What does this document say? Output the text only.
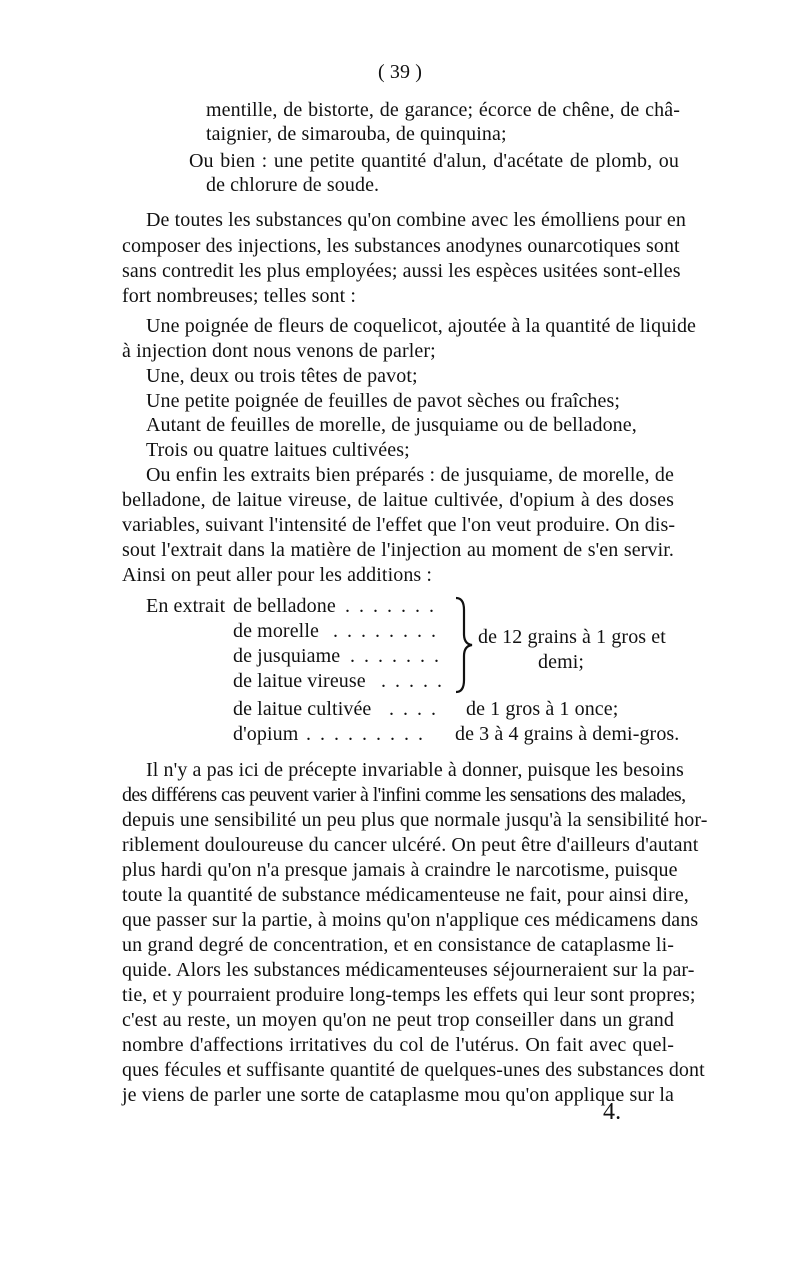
( 39 )
mentille, de bistorte, de garance; écorce de chêne, de châ-
taignier, de simarouba, de quinquina;
Ou bien : une petite quantité d'alun, d'acétate de plomb, ou
de chlorure de soude.
De toutes les substances qu'on combine avec les émolliens pour en
composer des injections, les substances anodynes ounarcotiques sont
sans contredit les plus employées; aussi les espèces usitées sont-elles
fort nombreuses; telles sont :
Une poignée de fleurs de coquelicot, ajoutée à la quantité de liquide
à injection dont nous venons de parler;
Une, deux ou trois têtes de pavot;
Une petite poignée de feuilles de pavot sèches ou fraîches;
Autant de feuilles de morelle, de jusquiame ou de belladone,
Trois ou quatre laitues cultivées;
Ou enfin les extraits bien préparés : de jusquiame, de morelle, de
belladone, de laitue vireuse, de laitue cultivée, d'opium à des doses
variables, suivant l'intensité de l'effet que l'on veut produire. On dis-
sout l'extrait dans la matière de l'injection au moment de s'en servir.
Ainsi on peut aller pour les additions :
En extrait de belladone . . . . . . .
de morelle . . . . . . . .
de jusquiame . . . . . . .
de laitue vireuse . . . . .
de laitue cultivée . . . .
d'opium . . . . . . . . .
de 12 grains à 1 gros et
demi;
de 1 gros à 1 once;
de 3 à 4 grains à demi-gros.
Il n'y a pas ici de précepte invariable à donner, puisque les besoins
des différens cas peuvent varier à l'infini comme les sensations des malades,
depuis une sensibilité un peu plus que normale jusqu'à la sensibilité hor-
riblement douloureuse du cancer ulcéré. On peut être d'ailleurs d'autant
plus hardi qu'on n'a presque jamais à craindre le narcotisme, puisque
toute la quantité de substance médicamenteuse ne fait, pour ainsi dire,
que passer sur la partie, à moins qu'on n'applique ces médicamens dans
un grand degré de concentration, et en consistance de cataplasme li-
quide. Alors les substances médicamenteuses séjourneraient sur la par-
tie, et y pourraient produire long-temps les effets qui leur sont propres;
c'est au reste, un moyen qu'on ne peut trop conseiller dans un grand
nombre d'affections irritatives du col de l'utérus. On fait avec quel-
ques fécules et suffisante quantité de quelques-unes des substances dont
je viens de parler une sorte de cataplasme mou qu'on applique sur la
4.
